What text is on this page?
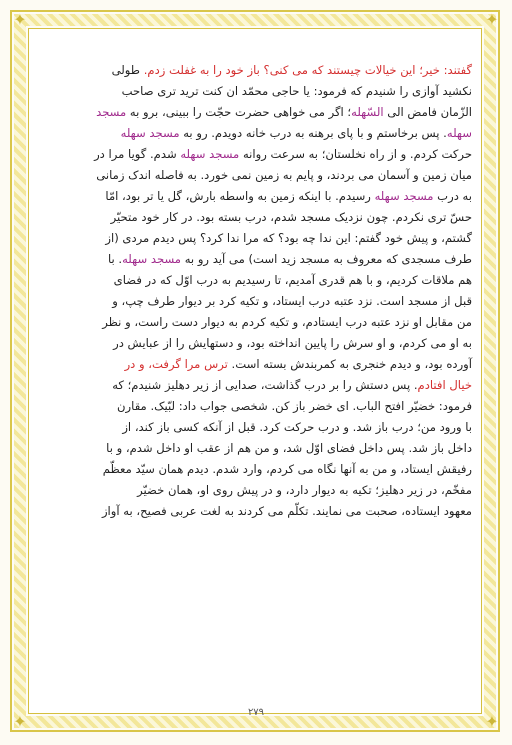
✦	✦
✦	✦
گفتند: خیر؛ این خیالات چیستند که می کنی؟ باز خود را به غفلت زدم. طولی
نکشید آوازی را شنیدم که فرمود: یا حاجی محمّد ان کنت ترید تری صاحب
الزّمان فامض الی السّهله؛ اگر می خواهی حضرت حجّت را ببینی، برو به مسجد
سهله. پس برخاستم و با پای برهنه به درب خانه دویدم. رو به مسجد سهله
حرکت کردم. و از راه نخلستان؛ به سرعت روانه مسجد سهله شدم. گویا مرا در
میان زمین و آسمان می بردند، و پایم به زمین نمی خورد. به فاصله اندک زمانی
به درب مسجد سهله رسیدم. با اینکه زمین به واسطه بارش، گل یا تر بود، امّا
حسّ تری نکردم. چون نزدیک مسجد شدم، درب بسته بود. در کار خود متحیّر
گشتم، و پیش خود گفتم: این ندا چه بود؟ که مرا ندا کرد؟ پس دیدم مردی (از
طرف مسجدی که معروف به مسجد زید است) می آید رو به مسجد سهله. با
هم ملاقات کردیم، و با هم قدری آمدیم، تا رسیدیم به درب اوّل که در فضای
قبل از مسجد است. نزد عتبه درب ایستاد، و تکیه کرد بر دیوار طرف چپ، و
من مقابل او نزد عتبه درب ایستادم، و تکیه کردم به دیوار دست راست، و نظر
به او می کردم، و او سرش را پایین انداخته بود، و دستهایش را از عبایش در
آورده بود، و دیدم خنجری به کمربندش بسته است. ترس مرا گرفت، و در
خیال افتادم. پس دستش را بر درب گذاشت، صدایی از زیر دهلیز شنیدم؛ که
فرمود: خضیّر افتح الباب. ای خضر باز کن. شخصی جواب داد: لبّیک. مقارن
با ورود من؛ درب باز شد. و درب حرکت کرد. قبل از آنکه کسی باز کند، از
داخل باز شد. پس داخل فضای اوّل شد، و من هم از عقب او داخل شدم، و با
رفیقش ایستاد، و من به آنها نگاه می کردم، وارد شدم. دیدم همان سیّد معظّم
مفخّم، در زیر دهلیز؛ تکیه به دیوار دارد، و در پیش روی او، همان خضیّر
معهود ایستاده، صحبت می نمایند. تکلّم می کردند به لغت عربی فصیح، به آواز
۲۷۹
